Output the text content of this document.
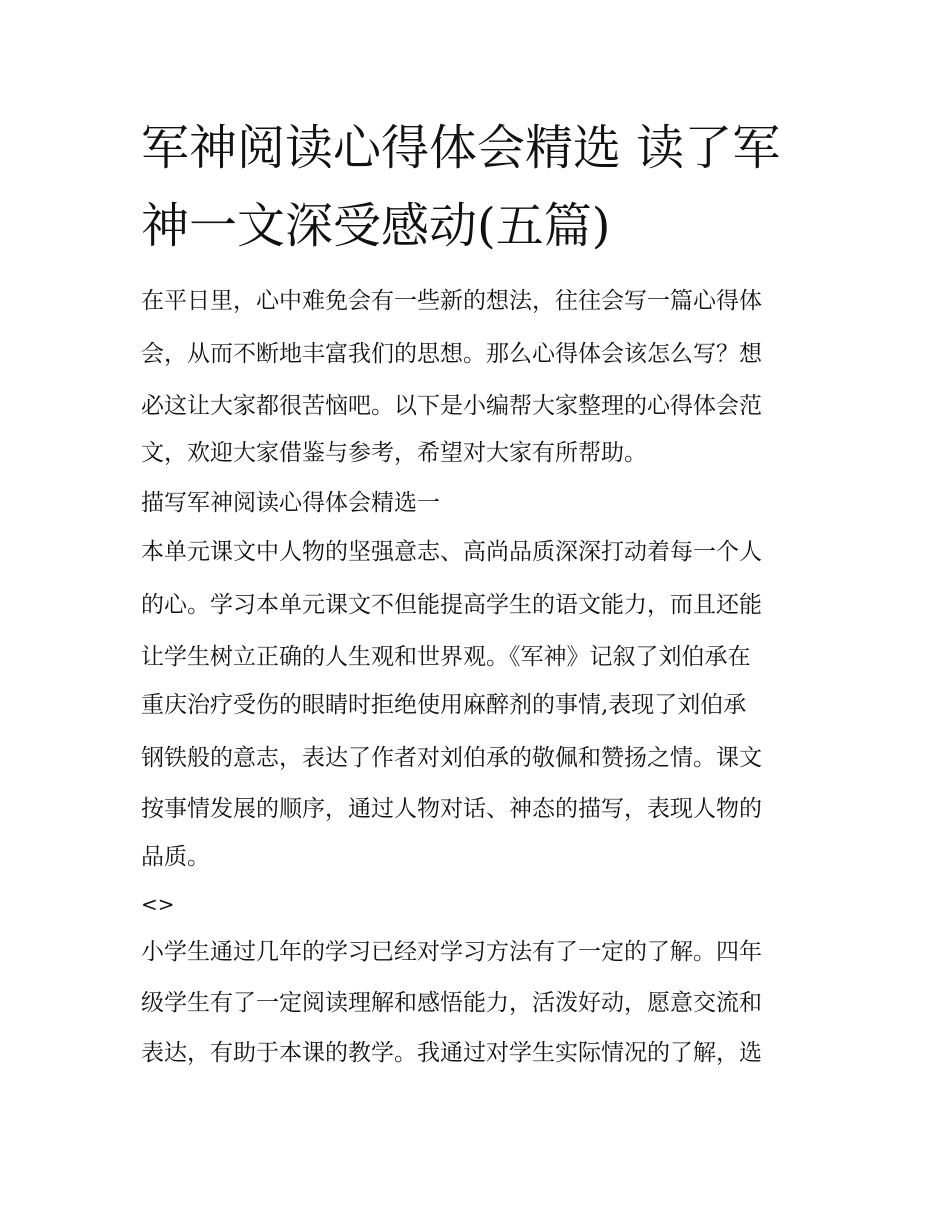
军神阅读心得体会精选 读了军
神一文深受感动(五篇)
在平日里，心中难免会有一些新的想法，往往会写一篇心得体
会，从而不断地丰富我们的思想。那么心得体会该怎么写？想
必这让大家都很苦恼吧。以下是小编帮大家整理的心得体会范
文，欢迎大家借鉴与参考，希望对大家有所帮助。
描写军神阅读心得体会精选一
本单元课文中人物的坚强意志、高尚品质深深打动着每一个人
的心。学习本单元课文不但能提高学生的语文能力，而且还能
让学生树立正确的人生观和世界观。《军神》记叙了刘伯承在
重庆治疗受伤的眼睛时拒绝使用麻醉剂的事情,表现了刘伯承
钢铁般的意志，表达了作者对刘伯承的敬佩和赞扬之情。课文
按事情发展的顺序，通过人物对话、神态的描写，表现人物的
品质。
<>
小学生通过几年的学习已经对学习方法有了一定的了解。四年
级学生有了一定阅读理解和感悟能力，活泼好动，愿意交流和
表达，有助于本课的教学。我通过对学生实际情况的了解，选
